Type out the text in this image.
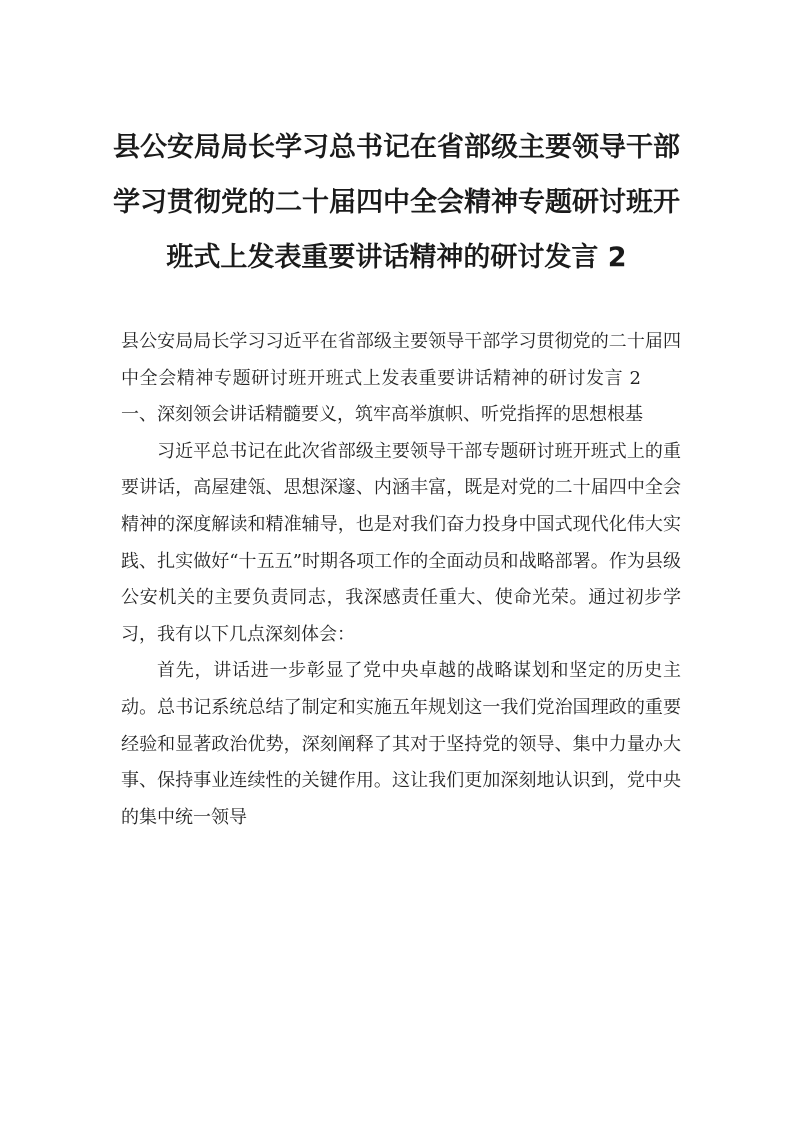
县公安局局长学习总书记在省部级主要领导干部学习贯彻党的二十届四中全会精神专题研讨班开班式上发表重要讲话精神的研讨发言 2

县公安局局长学习习近平在省部级主要领导干部学习贯彻党的二十届四中全会精神专题研讨班开班式上发表重要讲话精神的研讨发言 2一、深刻领会讲话精髓要义，筑牢高举旗帜、听党指挥的思想根基

习近平总书记在此次省部级主要领导干部专题研讨班开班式上的重要讲话，高屋建瓴、思想深邃、内涵丰富，既是对党的二十届四中全会精神的深度解读和精准辅导，也是对我们奋力投身中国式现代化伟大实践、扎实做好“十五五”时期各项工作的全面动员和战略部署。作为县级公安机关的主要负责同志，我深感责任重大、使命光荣。通过初步学习，我有以下几点深刻体会：

首先，讲话进一步彰显了党中央卓越的战略谋划和坚定的历史主动。总书记系统总结了制定和实施五年规划这一我们党治国理政的重要经验和显著政治优势，深刻阐释了其对于坚持党的领导、集中力量办大事、保持事业连续性的关键作用。这让我们更加深刻地认识到，党中央的集中统一领导
